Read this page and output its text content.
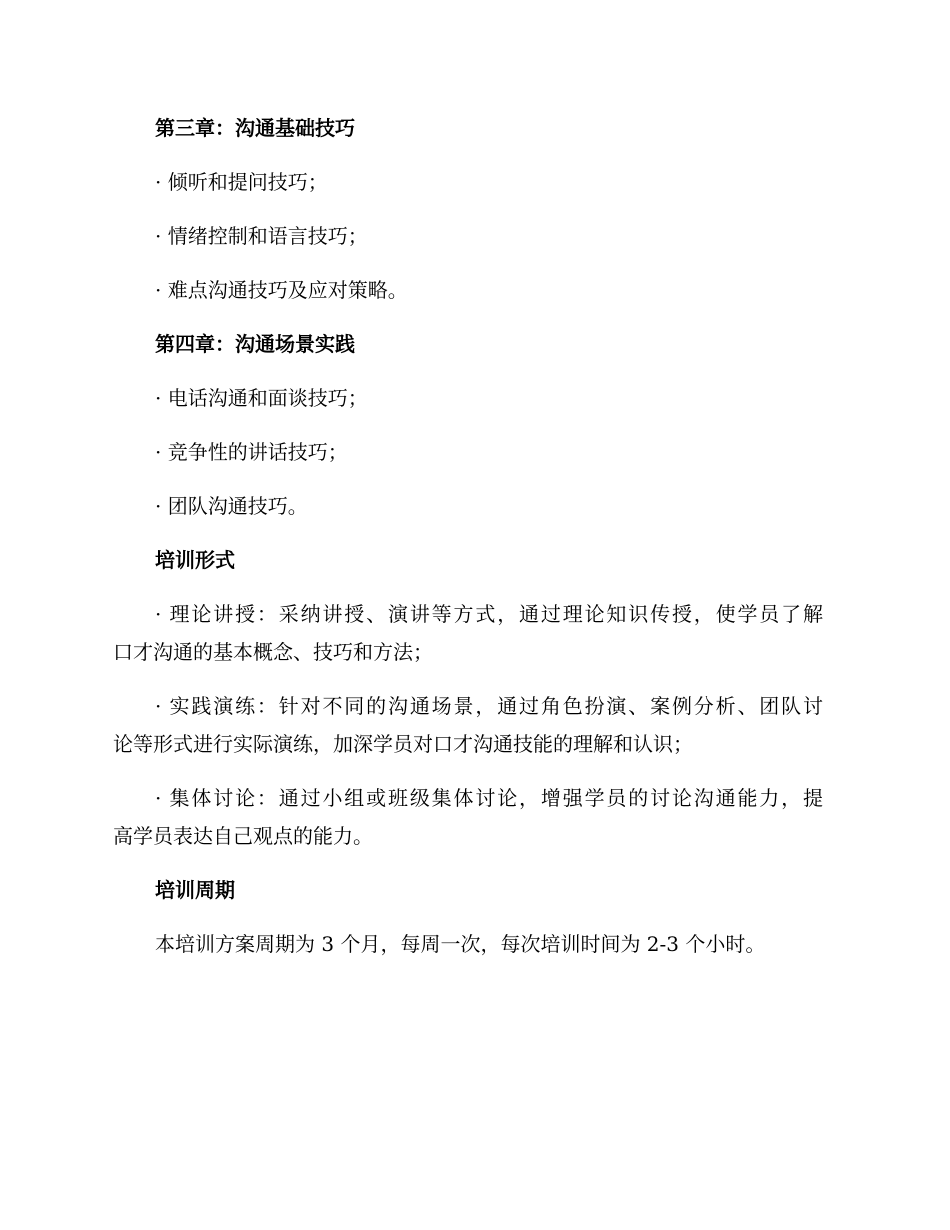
第三章：沟通基础技巧
· 倾听和提问技巧；
· 情绪控制和语言技巧；
· 难点沟通技巧及应对策略。
第四章：沟通场景实践
· 电话沟通和面谈技巧；
· 竞争性的讲话技巧；
· 团队沟通技巧。
培训形式
· 理论讲授：采纳讲授、演讲等方式，通过理论知识传授，使学员了解
口才沟通的基本概念、技巧和方法；
· 实践演练：针对不同的沟通场景，通过角色扮演、案例分析、团队讨
论等形式进行实际演练，加深学员对口才沟通技能的理解和认识；
· 集体讨论：通过小组或班级集体讨论，增强学员的讨论沟通能力，提
高学员表达自己观点的能力。
培训周期
本培训方案周期为 3 个月，每周一次，每次培训时间为 2-3 个小时。
